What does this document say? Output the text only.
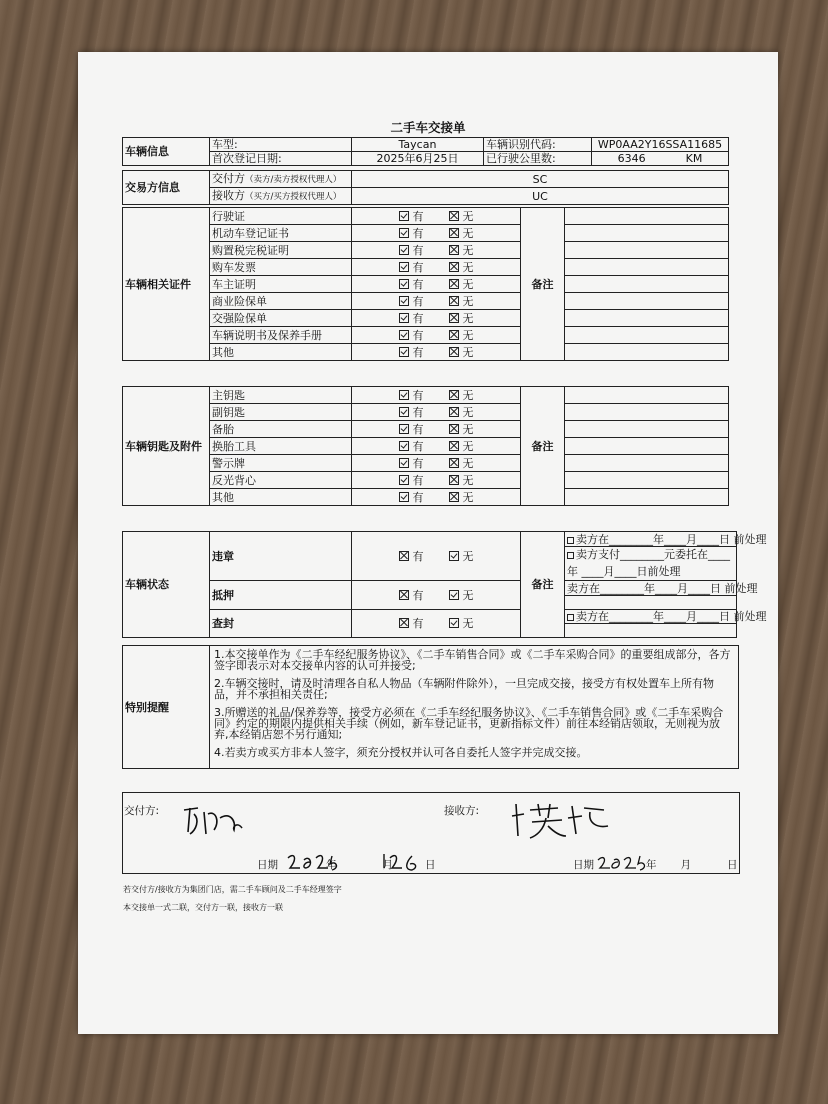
二手车交接单
车辆信息	车型:	Taycan	车辆识别代码:	WP0AA2Y16SSA11685
	首次登记日期:	2025年6月25日	已行驶公里数:	6346 KM
交易方信息	交付方（卖方/卖方授权代理人）	SC
	接收方（买方/买方授权代理人）	UC
车辆相关证件	行驶证	有 无	备注	
	机动车登记证书	有 无		
	购置税完税证明	有 无		
	购车发票	有 无		
	车主证明	有 无		
	商业险保单	有 无		
	交强险保单	有 无		
	车辆说明书及保养手册	有 无		
	其他	有 无		
车辆钥匙及附件	主钥匙	有 无	备注	
	副钥匙	有 无		
	备胎	有 无		
	换胎工具	有 无		
	警示牌	有 无		
	反光背心	有 无		
	其他	有 无		
车辆状态	违章	有 无	备注	卖方在________年____月____日 前处理
				卖方支付________元委托在____年 ____月____日前处理
	抵押	有 无		卖方在________年____月____日 前处理

	查封	有 无		卖方在________年____月____日 前处理

特别提醒	

1.本交接单作为《二手车经纪服务协议》、《二手车销售合同》或《二手车采购合同》的重要组成部分，各方签字即表示对本交接单内容的认可并接受;

2.车辆交接时，请及时清理各自私人物品（车辆附件除外），一旦完成交接，接受方有权处置车上所有物品，并不承担相关责任;

3.所赠送的礼品/保养券等，接受方必须在《二手车经纪服务协议》、《二手车销售合同》或《二手车采购合同》约定的期限内提供相关手续（例如，新车登记证书，更新指标文件）前往本经销店领取，无则视为放弃,本经销店恕不另行通知;

4.若卖方或买方非本人签字，须充分授权并认可各自委托人签字并完成交接。

交付方:	接收方:
日期	年	月	日	日期	年 月	日
若交付方/接收方为集团门店，需二手车顾问及二手车经理签字
本交接单一式二联，交付方一联，接收方一联
